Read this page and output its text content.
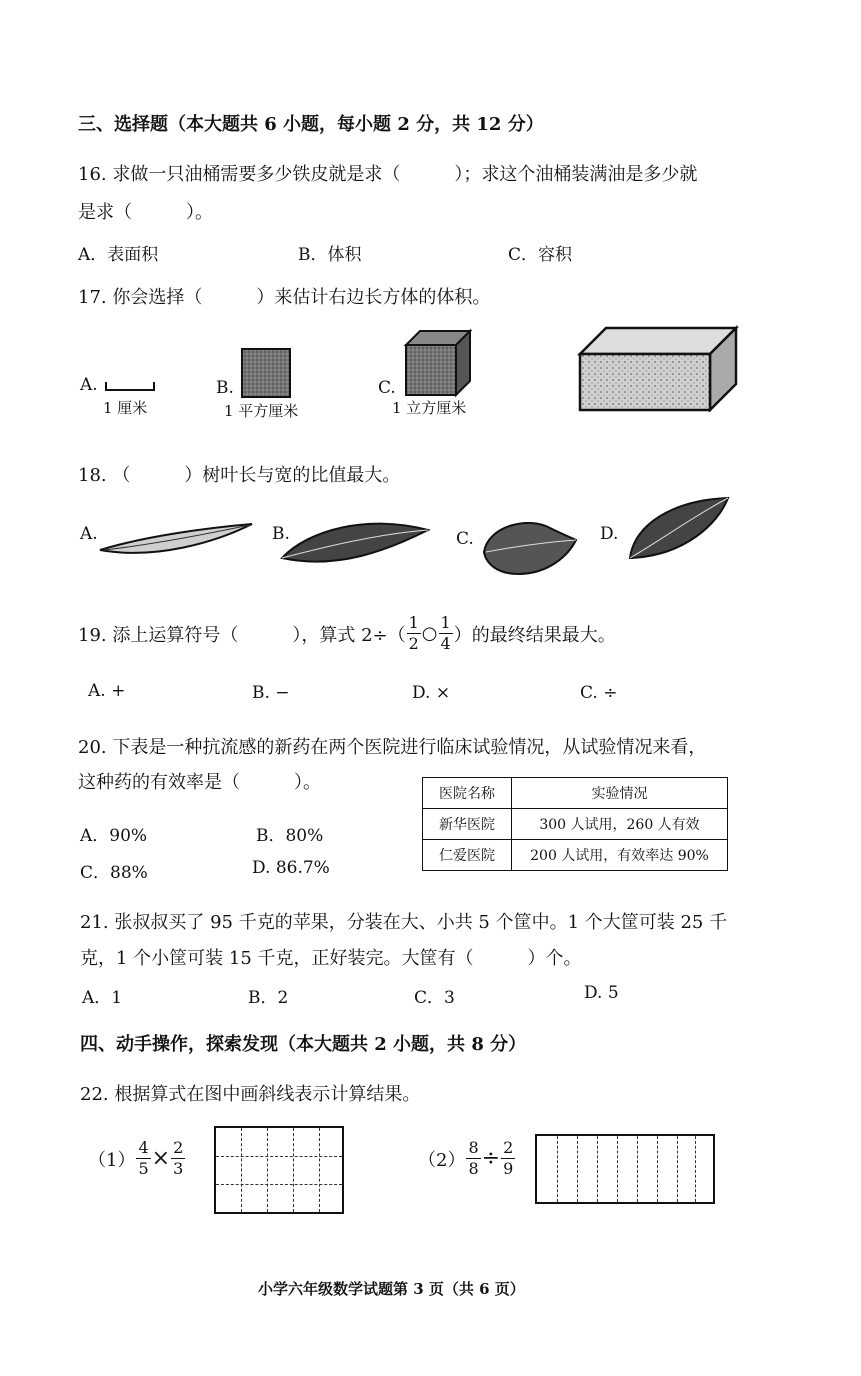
三、选择题（本大题共 6 小题，每小题 2 分，共 12 分）
16. 求做一只油桶需要多少铁皮就是求（　　　）；求这个油桶装满油是多少就
是求（　　　）。
A．表面积	B．体积	C．容积
17. 你会选择（　　　）来估计右边长方体的体积。
A.
1 厘米
B.
1 平方厘米
C.
1 立方厘米
18. （　　　）树叶长与宽的比值最大。
A.	B.	C.	D.
19. 添上运算符号（　　　），算式 $2\div( \frac{1}{2}$ ○ $\frac{1}{4}$ ）的最终结果最大。
A. +	B. −	D. ×	C. ÷
20. 下表是一种抗流感的新药在两个医院进行临床试验情况，从试验情况来看，
这种药的有效率是（　　　）。
A．90%	B．80%
C．88%	D. 86.7%
医院名称	实验情况
新华医院	300 人试用，260 人有效
仁爱医院	200 人试用，有效率达 90%
21. 张叔叔买了 95 千克的苹果，分装在大、小共 5 个筐中。1 个大筐可装 25 千
克，1 个小筐可装 15 千克，正好装完。大筐有（　　　）个。
A．1	B．2	C．3	D. 5
四、动手操作，探索发现（本大题共 2 小题，共 8 分）
22. 根据算式在图中画斜线表示计算结果。
$(1) \frac{4}{5} \times \frac{2}{3}$	$(2) \frac{8}{8} \div \frac{2}{9}$
小学六年级数学试题第 3 页（共 6 页）
